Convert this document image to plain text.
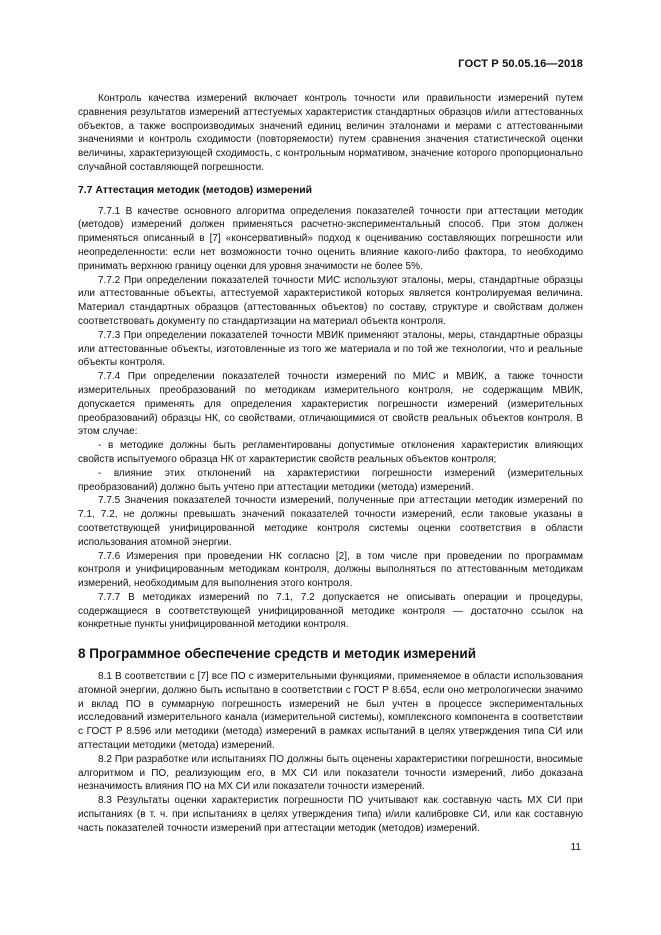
ГОСТ Р 50.05.16—2018

Контроль качества измерений включает контроль точности или правильности измерений путем сравнения результатов измерений аттестуемых характеристик стандартных образцов и/или аттестованных объектов, а также воспроизводимых значений единиц величин эталонами и мерами с аттестованными значениями и контроль сходимости (повторяемости) путем сравнения значения статистической оценки величины, характеризующей сходимость, с контрольным нормативом, значение которого пропорционально случайной составляющей погрешности.

7.7 Аттестация методик (методов) измерений

7.7.1 В качестве основного алгоритма определения показателей точности при аттестации методик (методов) измерений должен применяться расчетно-экспериментальный способ. При этом должен применяться описанный в [7] «консервативный» подход к оцениванию составляющих погрешности или неопределенности: если нет возможности точно оценить влияние какого-либо фактора, то необходимо принимать верхнюю границу оценки для уровня значимости не более 5%.

7.7.2 При определении показателей точности МИС используют эталоны, меры, стандартные образцы или аттестованные объекты, аттестуемой характеристикой которых является контролируемая величина. Материал стандартных образцов (аттестованных объектов) по составу, структуре и свойствам должен соответствовать документу по стандартизации на материал объекта контроля.

7.7.3 При определении показателей точности МВИК применяют эталоны, меры, стандартные образцы или аттестованные объекты, изготовленные из того же материала и по той же технологии, что и реальные объекты контроля.

7.7.4 При определении показателей точности измерений по МИС и МВИК, а также точности измерительных преобразований по методикам измерительного контроля, не содержащим МВИК, допускается применять для определения характеристик погрешности измерений (измерительных преобразований) образцы НК, со свойствами, отличающимися от свойств реальных объектов контроля. В этом случае:

- в методике должны быть регламентированы допустимые отклонения характеристик влияющих свойств испытуемого образца НК от характеристик свойств реальных объектов контроля;

- влияние этих отклонений на характеристики погрешности измерений (измерительных преобразований) должно быть учтено при аттестации методики (метода) измерений.

7.7.5 Значения показателей точности измерений, полученные при аттестации методик измерений по 7.1, 7.2, не должны превышать значений показателей точности измерений, если таковые указаны в соответствующей унифицированной методике контроля системы оценки соответствия в области использования атомной энергии.

7.7.6 Измерения при проведении НК согласно [2], в том числе при проведении по программам контроля и унифицированным методикам контроля, должны выполняться по аттестованным методикам измерений, необходимым для выполнения этого контроля.

7.7.7 В методиках измерений по 7.1, 7.2 допускается не описывать операции и процедуры, содержащиеся в соответствующей унифицированной методике контроля — достаточно ссылок на конкретные пункты унифицированной методики контроля.

8 Программное обеспечение средств и методик измерений

8.1 В соответствии с [7] все ПО с измерительными функциями, применяемое в области использования атомной энергии, должно быть испытано в соответствии с ГОСТ Р 8.654, если оно метрологически значимо и вклад ПО в суммарную погрешность измерений не был учтен в процессе экспериментальных исследований измерительного канала (измерительной системы), комплексного компонента в соответствии с ГОСТ Р 8.596 или методики (метода) измерений в рамках испытаний в целях утверждения типа СИ или аттестации методики (метода) измерений.

8.2 При разработке или испытаниях ПО должны быть оценены характеристики погрешности, вносимые алгоритмом и ПО, реализующим его, в МХ СИ или показатели точности измерений, либо доказана незначимость влияния ПО на МХ СИ или показатели точности измерений.

8.3 Результаты оценки характеристик погрешности ПО учитывают как составную часть МХ СИ при испытаниях (в т. ч. при испытаниях в целях утверждения типа) и/или калибровке СИ, или как составную часть показателей точности измерений при аттестации методик (методов) измерений.

11
